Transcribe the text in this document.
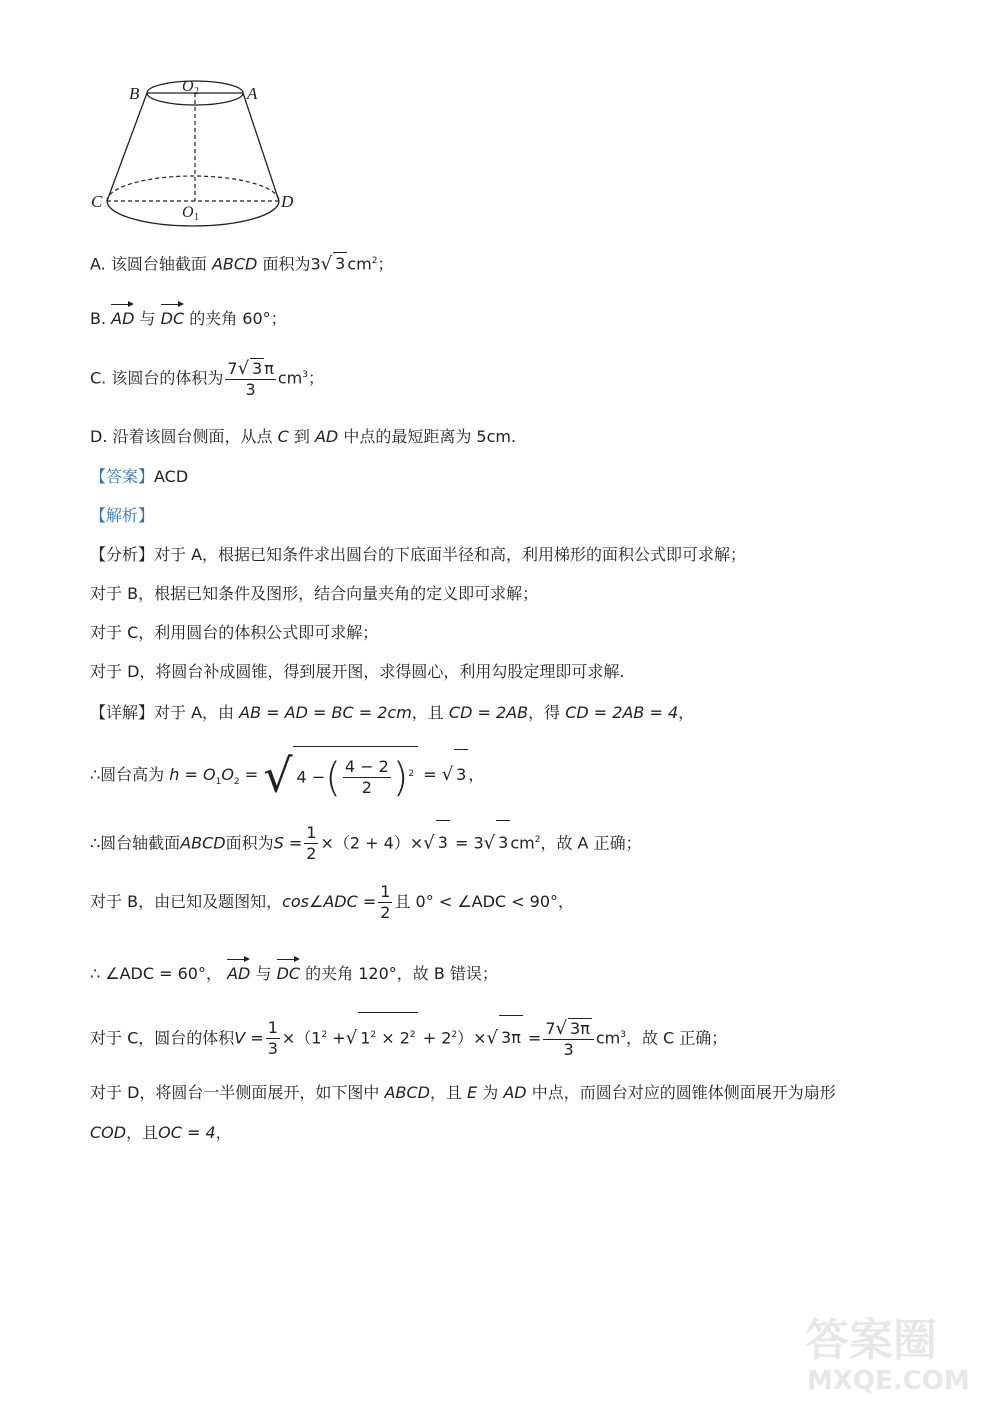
B	A
C	D
O 2
O 1
A. 该圆台轴截面 ABCD 面积为3√ 3 $cm^2$；
B. AD 与 DC 的夹角 60°；
C. 该圆台的体积为 $\frac{7√ 3 \pi}{3} cm^3$；
D. 沿着该圆台侧面，从点 C 到 AD 中点的最短距离为 5cm.
【答案】ACD
【解析】
【分析】对于 A，根据已知条件求出圆台的下底面半径和高，利用梯形的面积公式即可求解；
对于 B，根据已知条件及图形，结合向量夹角的定义即可求解；
对于 C，利用圆台的体积公式即可求解；
对于 D，将圆台补成圆锥，得到展开图，求得圆心，利用勾股定理即可求解.
【详解】对于 A，由 AB = AD = BC = 2cm，且 CD = 2AB，得 CD = 2AB = 4，
∴圆台高为 $h = O_1O_2$ = √ 4 −( $\frac{4 - 2}{2} )^2$ = √ 3 ，
∴圆台轴截面ABCD面积为$S = \frac{1}{2} \times(2 + 4)\times√$ 3 = 3√ 3 $cm^2$，故 A 正确；
对于 B，由已知及题图知，cos∠ADC = $\frac{1}{2}$ 且 0° < ∠ADC < 90°，
∴ ∠ADC = 60°， AD 与 DC 的夹角 120°，故 B 错误；
对于 C，圆台的体积$V = \frac{1}{3} \times(1^2$ +√ $1^2 \times 2^2 + 2^2)\times√$ $3\pi = \frac{7√ 3\pi}{3} cm^3$，故 C 正确；
对于 D，将圆台一半侧面展开，如下图中 ABCD，且 E 为 AD 中点，而圆台对应的圆锥体侧面展开为扇形
COD，且OC = 4，
答案圈
MXQE.COM
